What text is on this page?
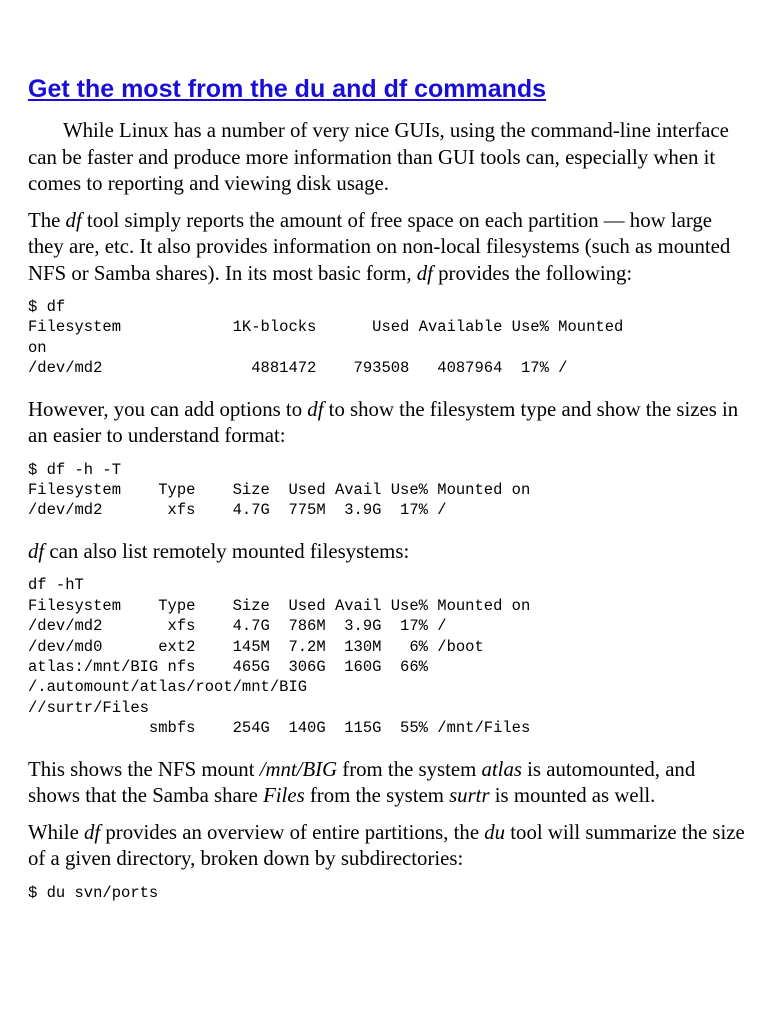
Get the most from the du and df commands

While Linux has a number of very nice GUIs, using the command-line interface can be faster and produce more information than GUI tools can, especially when it comes to reporting and viewing disk usage.

The df tool simply reports the amount of free space on each partition — how large they are, etc. It also provides information on non-local filesystems (such as mounted NFS or Samba shares). In its most basic form, df provides the following:

$ df
Filesystem            1K-blocks      Used Available Use% Mounted
on
/dev/md2                4881472    793508   4087964  17% /

However, you can add options to df to show the filesystem type and show the sizes in an easier to understand format:

$ df -h -T
Filesystem    Type    Size  Used Avail Use% Mounted on
/dev/md2       xfs    4.7G  775M  3.9G  17% /

df can also list remotely mounted filesystems:

df -hT
Filesystem    Type    Size  Used Avail Use% Mounted on
/dev/md2       xfs    4.7G  786M  3.9G  17% /
/dev/md0      ext2    145M  7.2M  130M   6% /boot
atlas:/mnt/BIG nfs    465G  306G  160G  66%
/.automount/atlas/root/mnt/BIG
//surtr/Files
smbfs    254G  140G  115G  55% /mnt/Files

This shows the NFS mount /mnt/BIG from the system atlas is automounted, and shows that the Samba share Files from the system surtr is mounted as well.

While df provides an overview of entire partitions, the du tool will summarize the size of a given directory, broken down by subdirectories:

$ du svn/ports
